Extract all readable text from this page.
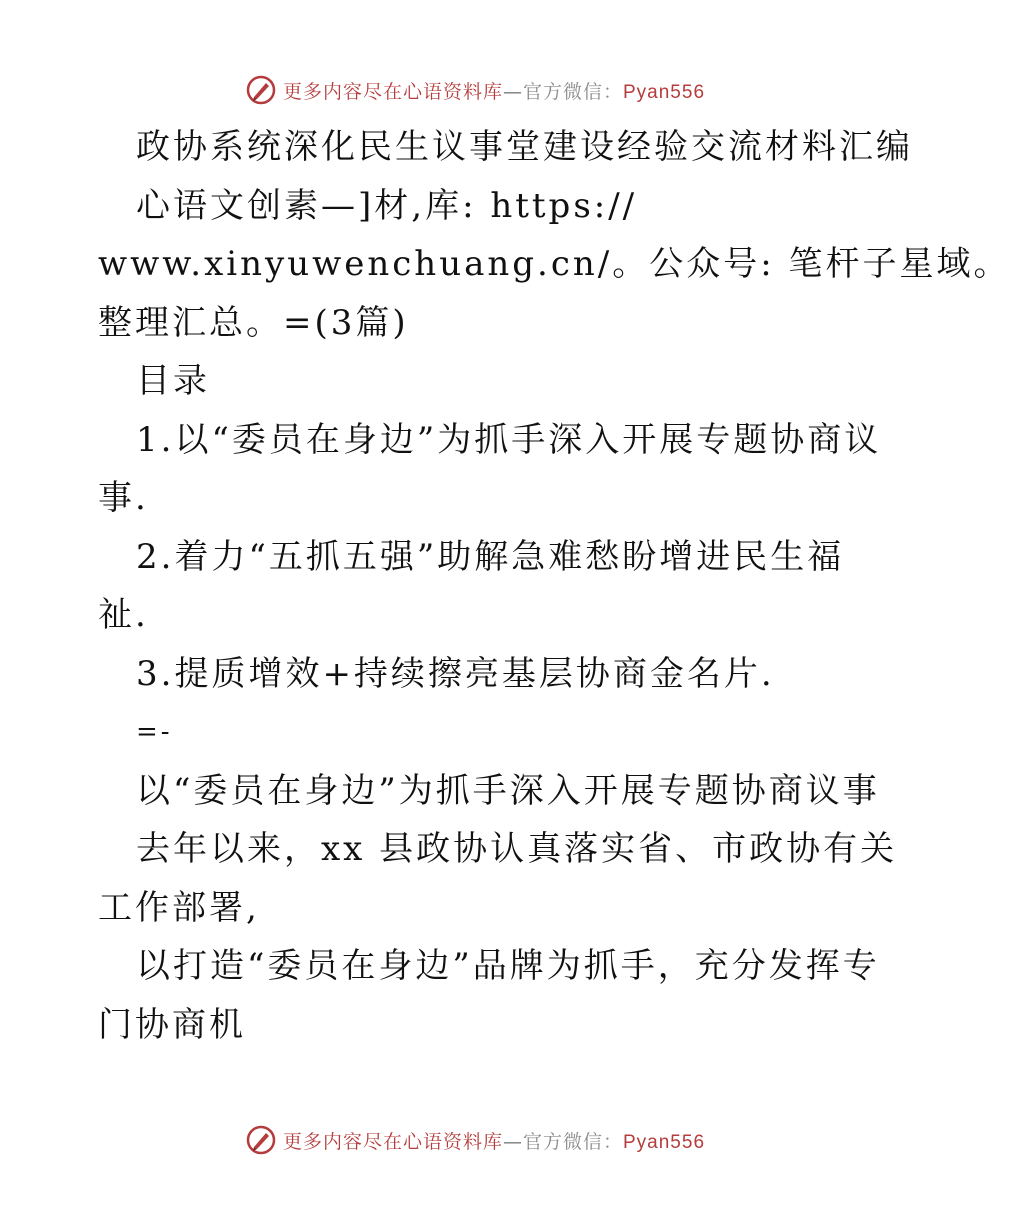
更多内容尽在心语资料库—官方微信：Pyan556
政协系统深化民生议事堂建设经验交流材料汇编
心语文创素—]材,库: https://
www.xinyuwenchuang.cn/。公众号: 笔杆子星域。
整理汇总。=(3篇)
目录
1.以“委员在身边”为抓手深入开展专题协商议
事.
2.着力“五抓五强”助解急难愁盼增进民生福
祉.
3.提质增效+持续擦亮基层协商金名片.
=-
以“委员在身边”为抓手深入开展专题协商议事
去年以来，xx 县政协认真落实省、市政协有关
工作部署,
以打造“委员在身边”品牌为抓手，充分发挥专
门协商机
更多内容尽在心语资料库—官方微信：Pyan556
